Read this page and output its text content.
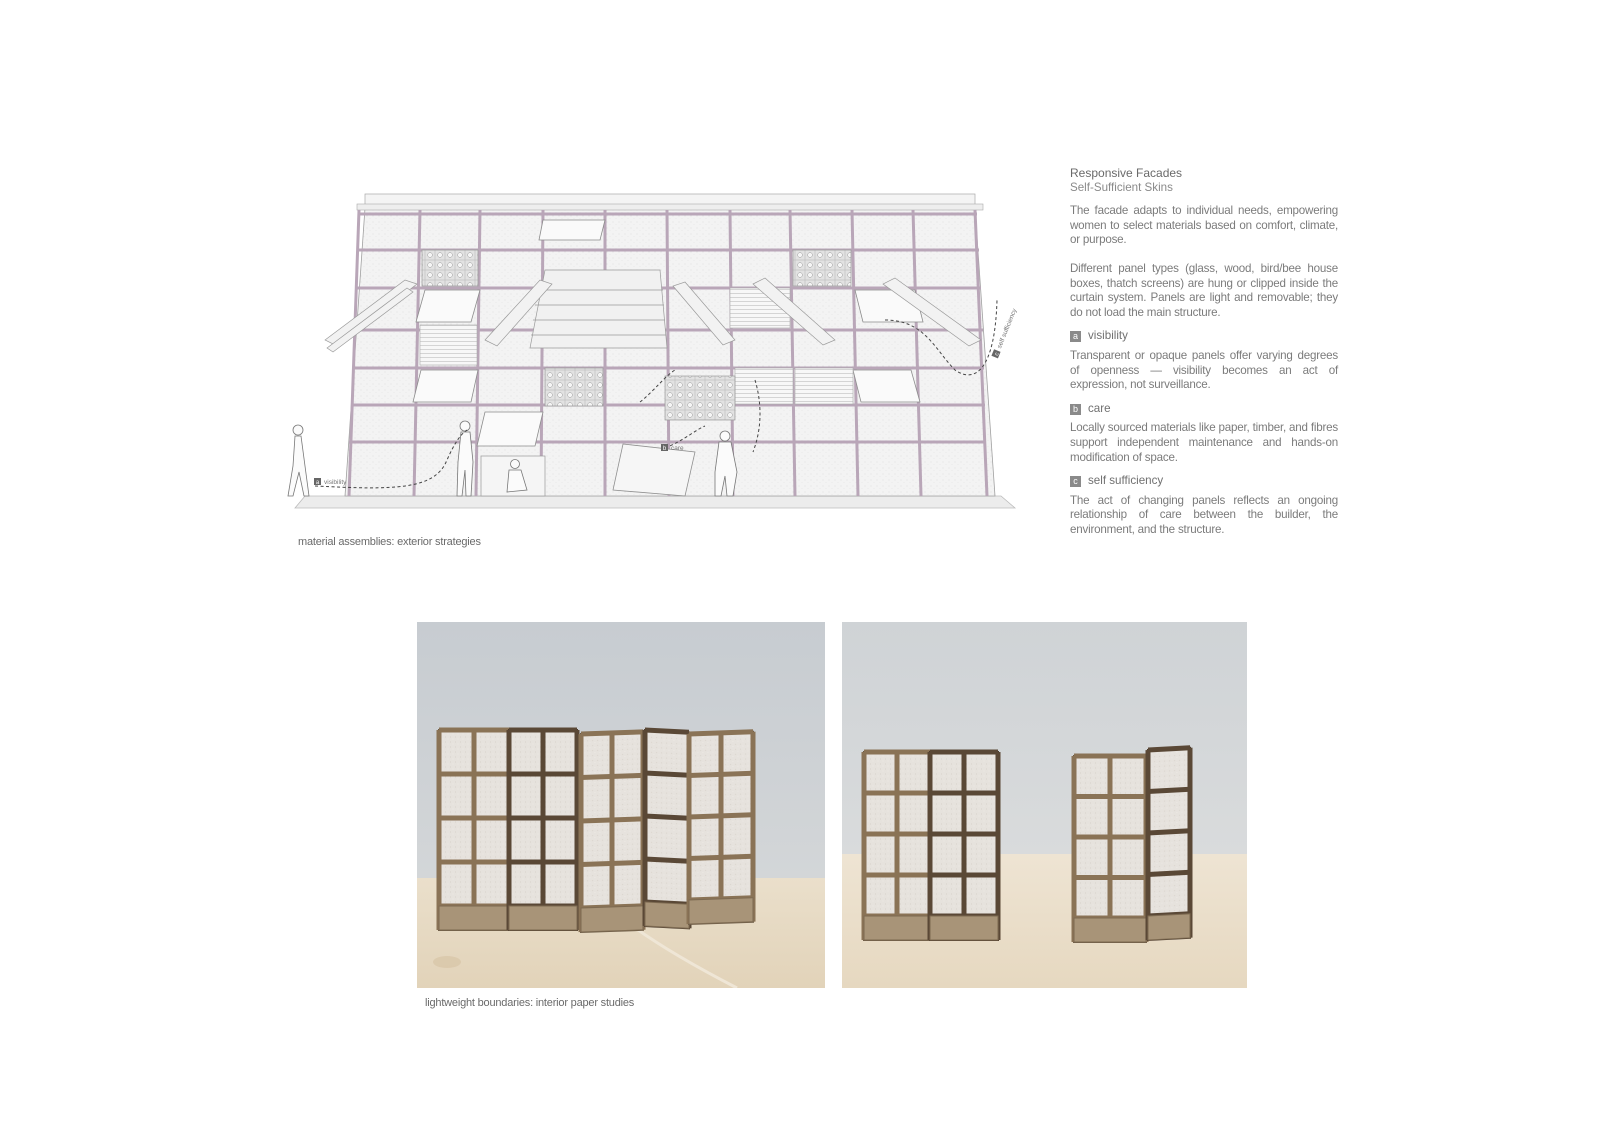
a visibility
b care
c
self sufficiency
material assemblies: exterior strategies
Responsive Facades
Self-Sufficient Skins

The facade adapts to individual needs, empowering women to select materials based on comfort, climate, or purpose.

Different panel types (glass, wood, bird/bee house boxes, thatch screens) are hung or clipped inside the curtain system. Panels are light and removable; they do not load the main structure.

a visibility

Transparent or opaque panels offer varying degrees of openness — visibility becomes an act of expression, not surveillance.

b care

Locally sourced materials like paper, timber, and fibres support independent maintenance and hands-on modification of space.

c self sufficiency

The act of changing panels reflects an ongoing relationship of care between the builder, the environment, and the structure.

lightweight boundaries: interior paper studies
